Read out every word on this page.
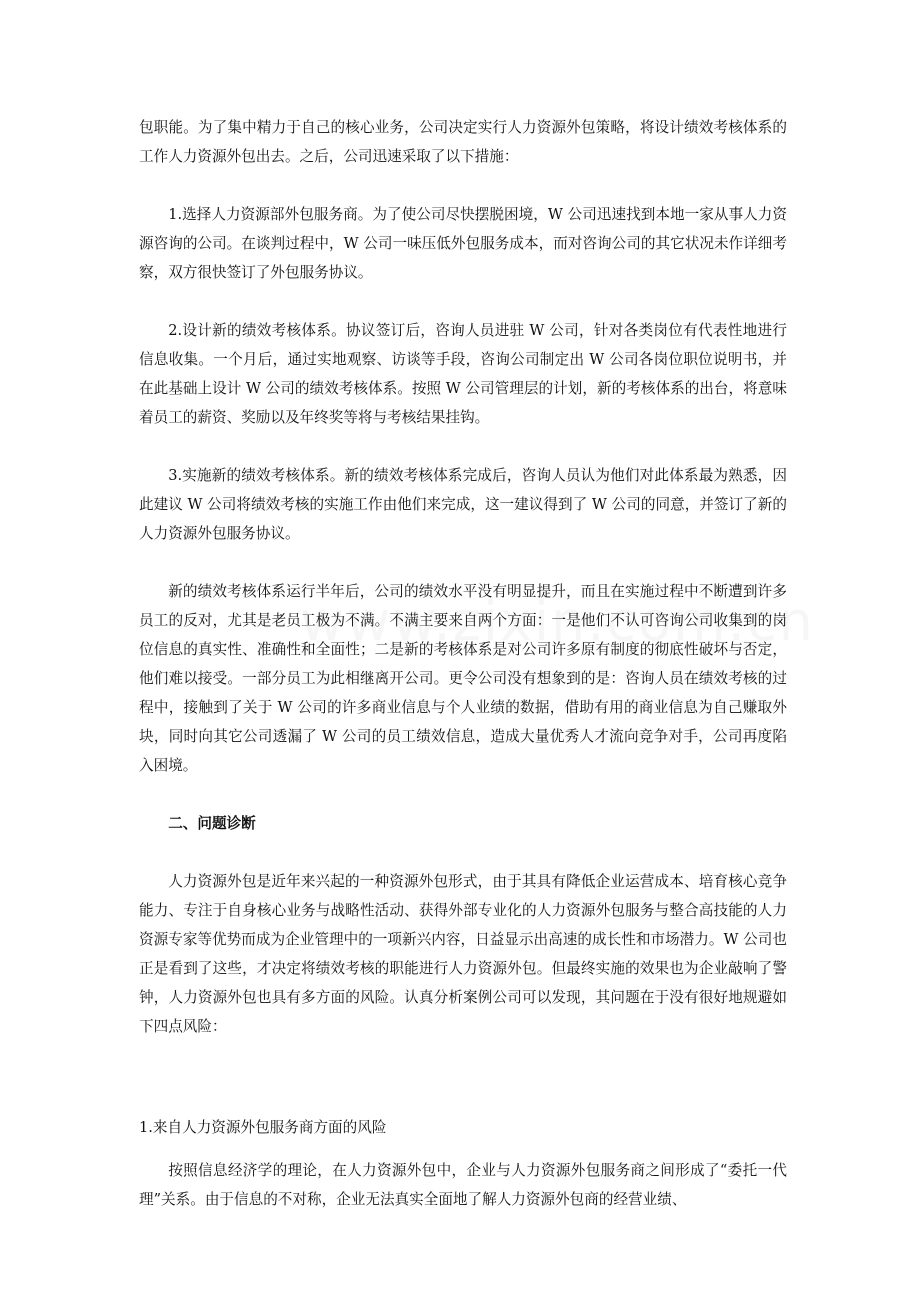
包职能。为了集中精力于自己的核心业务，公司决定实行人力资源外包策略，将设计绩效考核体系的工作人力资源外包出去。之后，公司迅速采取了以下措施：

1.选择人力资源部外包服务商。为了使公司尽快摆脱困境，W 公司迅速找到本地一家从事人力资源咨询的公司。在谈判过程中，W 公司一味压低外包服务成本，而对咨询公司的其它状况未作详细考察，双方很快签订了外包服务协议。

2.设计新的绩效考核体系。协议签订后，咨询人员进驻 W 公司，针对各类岗位有代表性地进行信息收集。一个月后，通过实地观察、访谈等手段，咨询公司制定出 W 公司各岗位职位说明书，并在此基础上设计 W 公司的绩效考核体系。按照 W 公司管理层的计划，新的考核体系的出台，将意味着员工的薪资、奖励以及年终奖等将与考核结果挂钩。

3.实施新的绩效考核体系。新的绩效考核体系完成后，咨询人员认为他们对此体系最为熟悉，因此建议 W 公司将绩效考核的实施工作由他们来完成，这一建议得到了 W 公司的同意，并签订了新的人力资源外包服务协议。

新的绩效考核体系运行半年后，公司的绩效水平没有明显提升，而且在实施过程中不断遭到许多员工的反对，尤其是老员工极为不满。不满主要来自两个方面：一是他们不认可咨询公司收集到的岗位信息的真实性、准确性和全面性；二是新的考核体系是对公司许多原有制度的彻底性破坏与否定，他们难以接受。一部分员工为此相继离开公司。更令公司没有想象到的是：咨询人员在绩效考核的过程中，接触到了关于 W 公司的许多商业信息与个人业绩的数据，借助有用的商业信息为自己赚取外块，同时向其它公司透漏了 W 公司的员工绩效信息，造成大量优秀人才流向竞争对手，公司再度陷入困境。

二、问题诊断

人力资源外包是近年来兴起的一种资源外包形式，由于其具有降低企业运营成本、培育核心竞争能力、专注于自身核心业务与战略性活动、获得外部专业化的人力资源外包服务与整合高技能的人力资源专家等优势而成为企业管理中的一项新兴内容，日益显示出高速的成长性和市场潜力。W 公司也正是看到了这些，才决定将绩效考核的职能进行人力资源外包。但最终实施的效果也为企业敲响了警钟，人力资源外包也具有多方面的风险。认真分析案例公司可以发现，其问题在于没有很好地规避如下四点风险：

1.来自人力资源外包服务商方面的风险

按照信息经济学的理论，在人力资源外包中，企业与人力资源外包服务商之间形成了“委托一代理”关系。由于信息的不对称，企业无法真实全面地了解人力资源外包商的经营业绩、
